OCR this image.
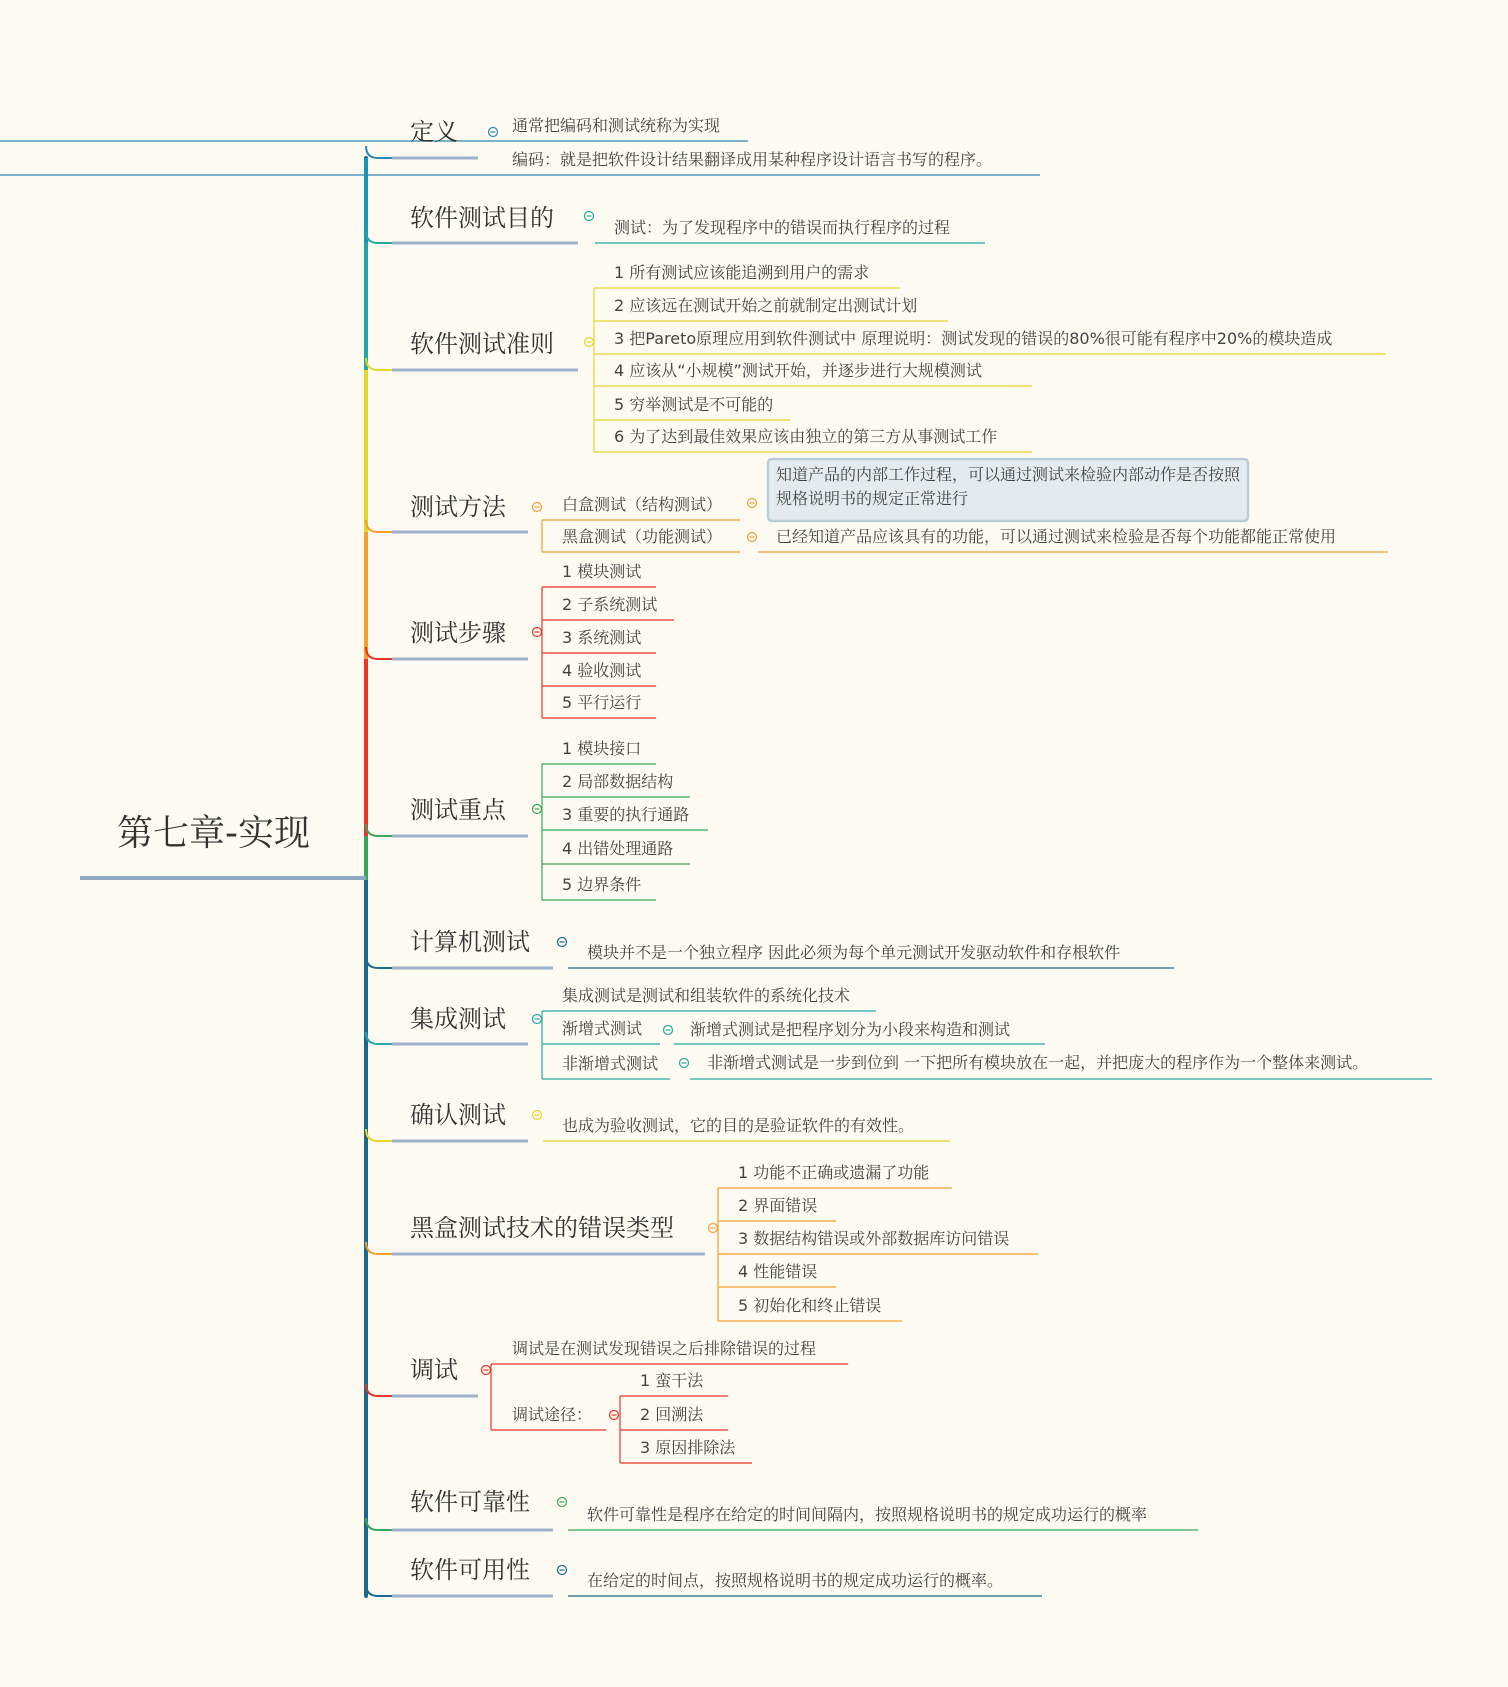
第七章-实现
定义	通常把编码和测试统称为实现
编码：就是把软件设计结果翻译成用某种程序设计语言书写的程序。
软件测试目的	测试：为了发现程序中的错误而执行程序的过程
软件测试准则
1 所有测试应该能追溯到用户的需求
2 应该远在测试开始之前就制定出测试计划
3 把Pareto原理应用到软件测试中 原理说明：测试发现的错误的80%很可能有程序中20%的模块造成
4 应该从“小规模”测试开始，并逐步进行大规模测试
5 穷举测试是不可能的
6 为了达到最佳效果应该由独立的第三方从事测试工作
测试方法	白盒测试（结构测试）
知道产品的内部工作过程，可以通过测试来检验内部动作是否按照
规格说明书的规定正常进行
黑盒测试（功能测试）	已经知道产品应该具有的功能，可以通过测试来检验是否每个功能都能正常使用
测试步骤
1 模块测试
2 子系统测试
3 系统测试
4 验收测试
5 平行运行
测试重点
1 模块接口
2 局部数据结构
3 重要的执行通路
4 出错处理通路
5 边界条件
计算机测试	模块并不是一个独立程序 因此必须为每个单元测试开发驱动软件和存根软件
集成测试
集成测试是测试和组装软件的系统化技术
渐增式测试	渐增式测试是把程序划分为小段来构造和测试
非渐增式测试	非渐增式测试是一步到位到 一下把所有模块放在一起，并把庞大的程序作为一个整体来测试。
确认测试	也成为验收测试，它的目的是验证软件的有效性。
黑盒测试技术的错误类型
1 功能不正确或遗漏了功能
2 界面错误
3 数据结构错误或外部数据库访问错误
4 性能错误
5 初始化和终止错误
调试
调试是在测试发现错误之后排除错误的过程
调试途径：
1 蛮干法
2 回溯法
3 原因排除法
软件可靠性	软件可靠性是程序在给定的时间间隔内，按照规格说明书的规定成功运行的概率
软件可用性	在给定的时间点，按照规格说明书的规定成功运行的概率。
